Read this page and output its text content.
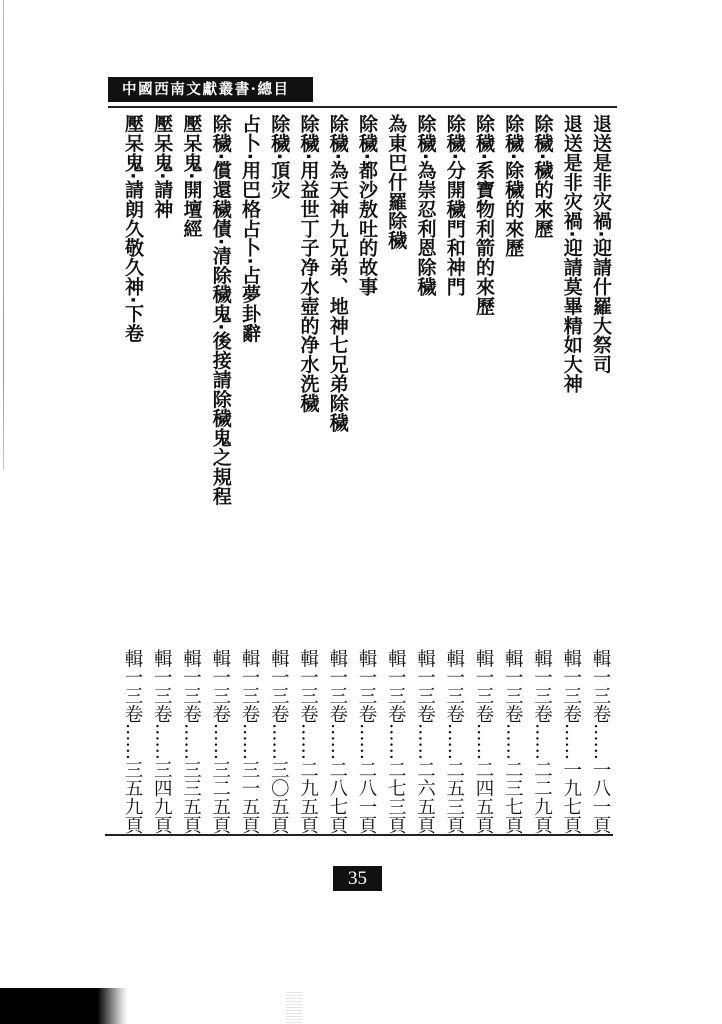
中國西南文獻叢書·總目
退送是非灾禍·迎請什羅大祭司
輯一三卷……一八一頁
退送是非灾禍·迎請莫畢精如大神
輯一三卷……一九七頁
除穢·穢的來歷
輯一三卷……二二九頁
除穢·除穢的來歷
輯一三卷……二三七頁
除穢·系寶物利箭的來歷
輯一三卷……二四五頁
除穢·分開穢門和神門
輯一三卷……二五三頁
除穢·為崇忍利恩除穢
輯一三卷……二六五頁
為東巴什羅除穢
輯一三卷……二七三頁
除穢·都沙敖吐的故事
輯一三卷……二八一頁
除穢·為天神九兄弟、地神七兄弟除穢
輯一三卷……二八七頁
除穢·用益世丁子净水壺的净水洗穢
輯一三卷……二九五頁
除穢·頂灾
輯一三卷……三〇五頁
占卜·用巴格占卜·占夢卦辭
輯一三卷……三一五頁
除穢·償還穢債·清除穢鬼·後接請除穢鬼之規程
輯一三卷……三二五頁
壓呆鬼·開壇經
輯一三卷……三三五頁
壓呆鬼·請神
輯一三卷……三四九頁
壓呆鬼·請朗久敬久神·下卷
輯一三卷……三五九頁
35
